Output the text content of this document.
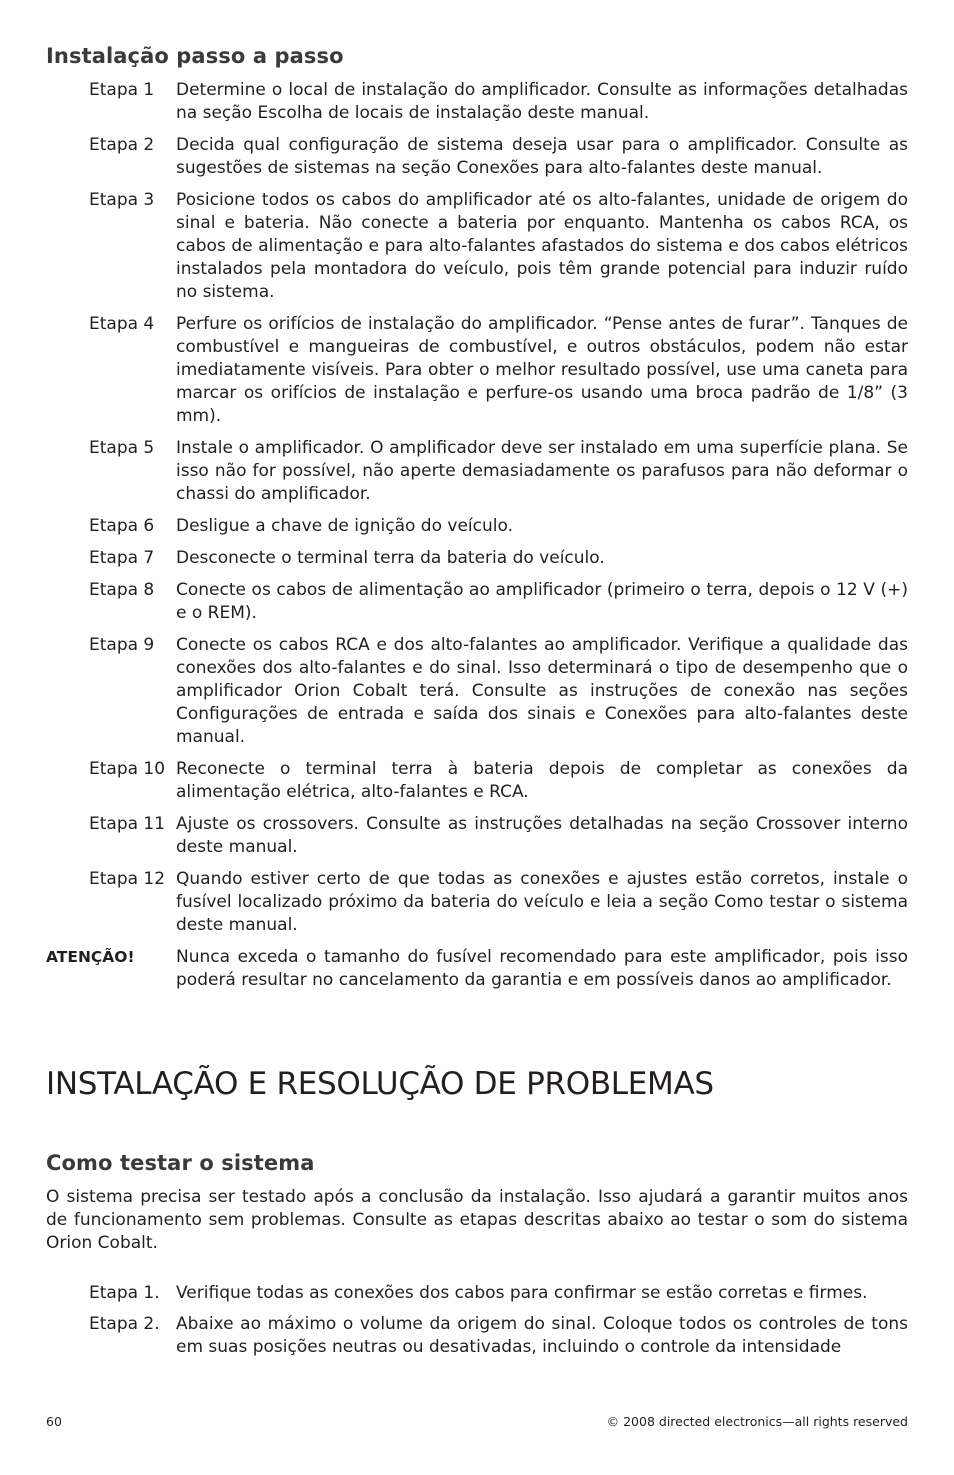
Instalação passo a passo
Etapa 1 Determine o local de instalação do amplificador. Consulte as informações detalhadas na seção Escolha de locais de instalação deste manual.
Etapa 2 Decida qual configuração de sistema deseja usar para o amplificador. Consulte as sugestões de sistemas na seção Conexões para alto-falantes deste manual.
Etapa 3 Posicione todos os cabos do amplificador até os alto-falantes, unidade de origem do sinal e bateria. Não conecte a bateria por enquanto. Mantenha os cabos RCA, os cabos de alimentação e para alto-falantes afastados do sistema e dos cabos elétricos instalados pela montadora do veículo, pois têm grande potencial para induzir ruído no sistema.
Etapa 4 Perfure os orifícios de instalação do amplificador. “Pense antes de furar”. Tanques de combustível e mangueiras de combustível, e outros obstáculos, podem não estar imediatamente visíveis. Para obter o melhor resultado possível, use uma caneta para marcar os orifícios de instalação e perfure-os usando uma broca padrão de 1/8” (3 mm).
Etapa 5 Instale o amplificador. O amplificador deve ser instalado em uma superfície plana. Se isso não for possível, não aperte demasiadamente os parafusos para não deformar o chassi do amplificador.
Etapa 6 Desligue a chave de ignição do veículo.
Etapa 7 Desconecte o terminal terra da bateria do veículo.
Etapa 8 Conecte os cabos de alimentação ao amplificador (primeiro o terra, depois o 12 V (+) e o REM).
Etapa 9 Conecte os cabos RCA e dos alto-falantes ao amplificador. Verifique a qualidade das conexões dos alto-falantes e do sinal. Isso determinará o tipo de desempenho que o amplificador Orion Cobalt terá. Consulte as instruções de conexão nas seções Configurações de entrada e saída dos sinais e Conexões para alto-falantes deste manual.
Etapa 10 Reconecte o terminal terra à bateria depois de completar as conexões da alimentação elétrica, alto-falantes e RCA.
Etapa 11 Ajuste os crossovers. Consulte as instruções detalhadas na seção Crossover interno deste manual.
Etapa 12 Quando estiver certo de que todas as conexões e ajustes estão corretos, instale o fusível localizado próximo da bateria do veículo e leia a seção Como testar o sistema deste manual.
ATENÇÃO! Nunca exceda o tamanho do fusível recomendado para este amplificador, pois isso poderá resultar no cancelamento da garantia e em possíveis danos ao amplificador.
INSTALAÇÃO E RESOLUÇÃO DE PROBLEMAS
Como testar o sistema
O sistema precisa ser testado após a conclusão da instalação. Isso ajudará a garantir muitos anos de funcionamento sem problemas. Consulte as etapas descritas abaixo ao testar o som do sistema Orion Cobalt.
Etapa 1. Verifique todas as conexões dos cabos para confirmar se estão corretas e firmes.
Etapa 2. Abaixe ao máximo o volume da origem do sinal. Coloque todos os controles de tons em suas posições neutras ou desativadas, incluindo o controle da intensidade
60	© 2008 directed electronics—all rights reserved
